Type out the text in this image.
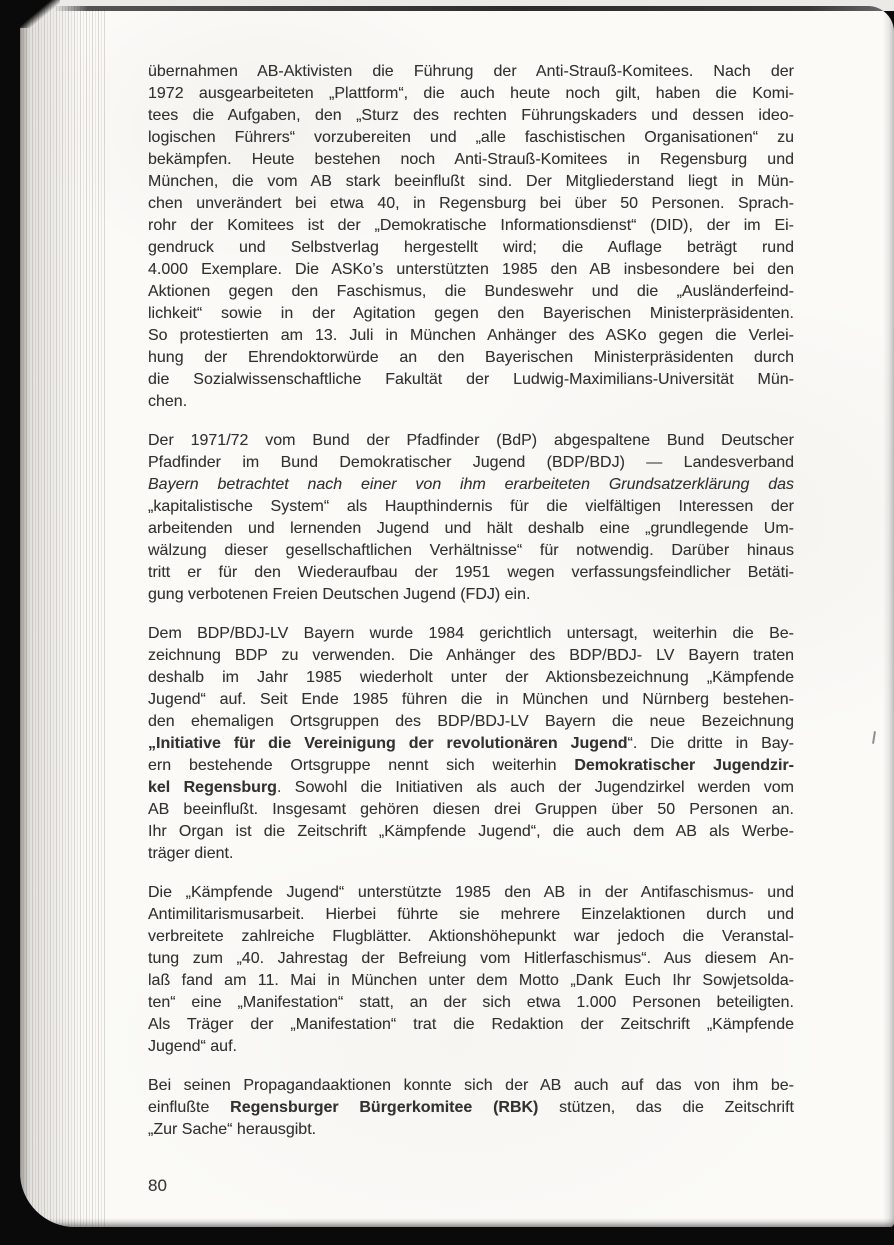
übernahmen AB-Aktivisten die Führung der Anti-Strauß-Komitees. Nach der
1972 ausgearbeiteten „Plattform“, die auch heute noch gilt, haben die Komi-
tees die Aufgaben, den „Sturz des rechten Führungskaders und dessen ideo-
logischen Führers“ vorzubereiten und „alle faschistischen Organisationen“ zu
bekämpfen. Heute bestehen noch Anti-Strauß-Komitees in Regensburg und
München, die vom AB stark beeinflußt sind. Der Mitgliederstand liegt in Mün-
chen unverändert bei etwa 40, in Regensburg bei über 50 Personen. Sprach-
rohr der Komitees ist der „Demokratische Informationsdienst“ (DID), der im Ei-
gendruck und Selbstverlag hergestellt wird; die Auflage beträgt rund
4.000 Exemplare. Die ASKo’s unterstützten 1985 den AB insbesondere bei den
Aktionen gegen den Faschismus, die Bundeswehr und die „Ausländerfeind-
lichkeit“ sowie in der Agitation gegen den Bayerischen Ministerpräsidenten.
So protestierten am 13. Juli in München Anhänger des ASKo gegen die Verlei-
hung der Ehrendoktorwürde an den Bayerischen Ministerpräsidenten durch
die Sozialwissenschaftliche Fakultät der Ludwig-Maximilians-Universität Mün-
chen.
Der 1971/72 vom Bund der Pfadfinder (BdP) abgespaltene Bund Deutscher
Pfadfinder im Bund Demokratischer Jugend (BDP/BDJ) — Landesverband
Bayern betrachtet nach einer von ihm erarbeiteten Grundsatzerklärung das
„kapitalistische System“ als Haupthindernis für die vielfältigen Interessen der
arbeitenden und lernenden Jugend und hält deshalb eine „grundlegende Um-
wälzung dieser gesellschaftlichen Verhältnisse“ für notwendig. Darüber hinaus
tritt er für den Wiederaufbau der 1951 wegen verfassungsfeindlicher Betäti-
gung verbotenen Freien Deutschen Jugend (FDJ) ein.
Dem BDP/BDJ-LV Bayern wurde 1984 gerichtlich untersagt, weiterhin die Be-
zeichnung BDP zu verwenden. Die Anhänger des BDP/BDJ- LV Bayern traten
deshalb im Jahr 1985 wiederholt unter der Aktionsbezeichnung „Kämpfende
Jugend“ auf. Seit Ende 1985 führen die in München und Nürnberg bestehen-
den ehemaligen Ortsgruppen des BDP/BDJ-LV Bayern die neue Bezeichnung
„Initiative für die Vereinigung der revolutionären Jugend“. Die dritte in Bay-
ern bestehende Ortsgruppe nennt sich weiterhin Demokratischer Jugendzir-
kel Regensburg. Sowohl die Initiativen als auch der Jugendzirkel werden vom
AB beeinflußt. Insgesamt gehören diesen drei Gruppen über 50 Personen an.
Ihr Organ ist die Zeitschrift „Kämpfende Jugend“, die auch dem AB als Werbe-
träger dient.
Die „Kämpfende Jugend“ unterstützte 1985 den AB in der Antifaschismus- und
Antimilitarismusarbeit. Hierbei führte sie mehrere Einzelaktionen durch und
verbreitete zahlreiche Flugblätter. Aktionshöhepunkt war jedoch die Veranstal-
tung zum „40. Jahrestag der Befreiung vom Hitlerfaschismus“. Aus diesem An-
laß fand am 11. Mai in München unter dem Motto „Dank Euch Ihr Sowjetsolda-
ten“ eine „Manifestation“ statt, an der sich etwa 1.000 Personen beteiligten.
Als Träger der „Manifestation“ trat die Redaktion der Zeitschrift „Kämpfende
Jugend“ auf.
Bei seinen Propagandaaktionen konnte sich der AB auch auf das von ihm be-
einflußte Regensburger Bürgerkomitee (RBK) stützen, das die Zeitschrift
„Zur Sache“ herausgibt.
80
